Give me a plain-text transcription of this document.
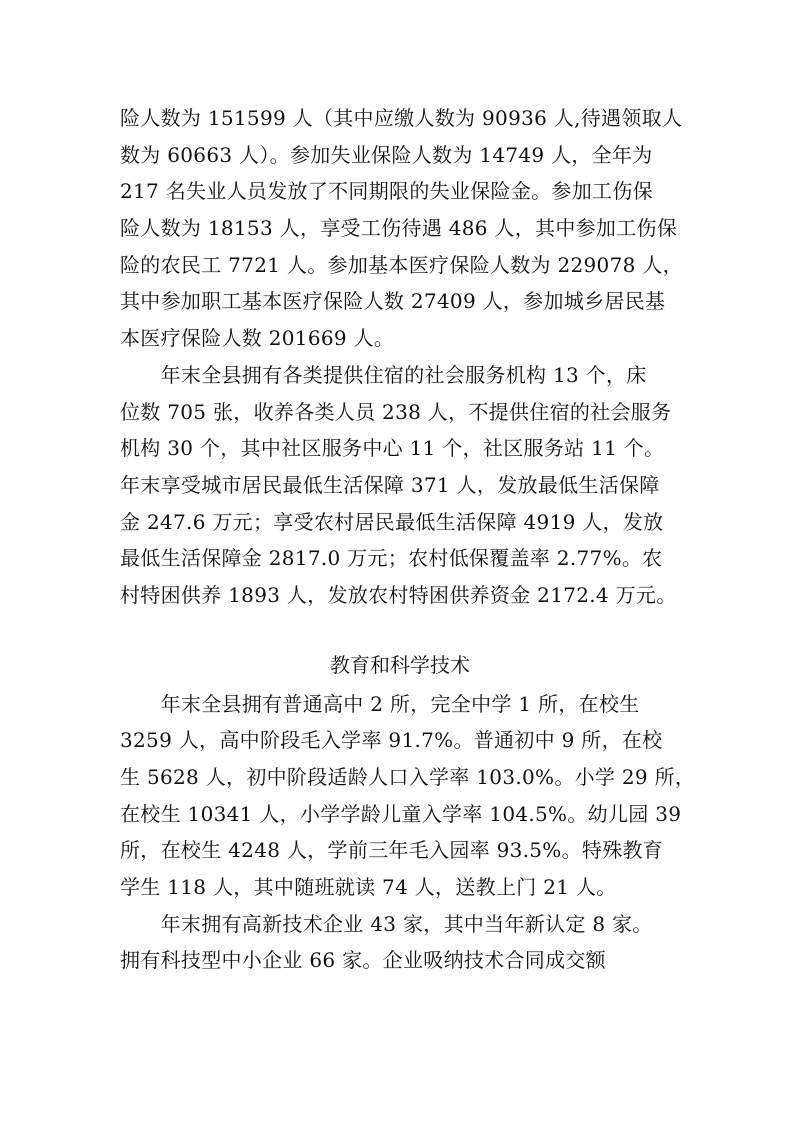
险人数为 151599 人（其中应缴人数为 90936 人,待遇领取人
数为 60663 人）。参加失业保险人数为 14749 人，全年为
217 名失业人员发放了不同期限的失业保险金。参加工伤保
险人数为 18153 人，享受工伤待遇 486 人，其中参加工伤保
险的农民工 7721 人。参加基本医疗保险人数为 229078 人，
其中参加职工基本医疗保险人数 27409 人，参加城乡居民基
本医疗保险人数 201669 人。
　　年末全县拥有各类提供住宿的社会服务机构 13 个，床
位数 705 张，收养各类人员 238 人，不提供住宿的社会服务
机构 30 个，其中社区服务中心 11 个，社区服务站 11 个。
年末享受城市居民最低生活保障 371 人，发放最低生活保障
金 247.6 万元；享受农村居民最低生活保障 4919 人，发放
最低生活保障金 2817.0 万元；农村低保覆盖率 2.77%。农
村特困供养 1893 人，发放农村特困供养资金 2172.4 万元。
教育和科学技术
　　年末全县拥有普通高中 2 所，完全中学 1 所，在校生
3259 人，高中阶段毛入学率 91.7%。普通初中 9 所，在校
生 5628 人，初中阶段适龄人口入学率 103.0%。小学 29 所，
在校生 10341 人，小学学龄儿童入学率 104.5%。幼儿园 39
所，在校生 4248 人，学前三年毛入园率 93.5%。特殊教育
学生 118 人，其中随班就读 74 人，送教上门 21 人。
　　年末拥有高新技术企业 43 家，其中当年新认定 8 家。
拥有科技型中小企业 66 家。企业吸纳技术合同成交额
